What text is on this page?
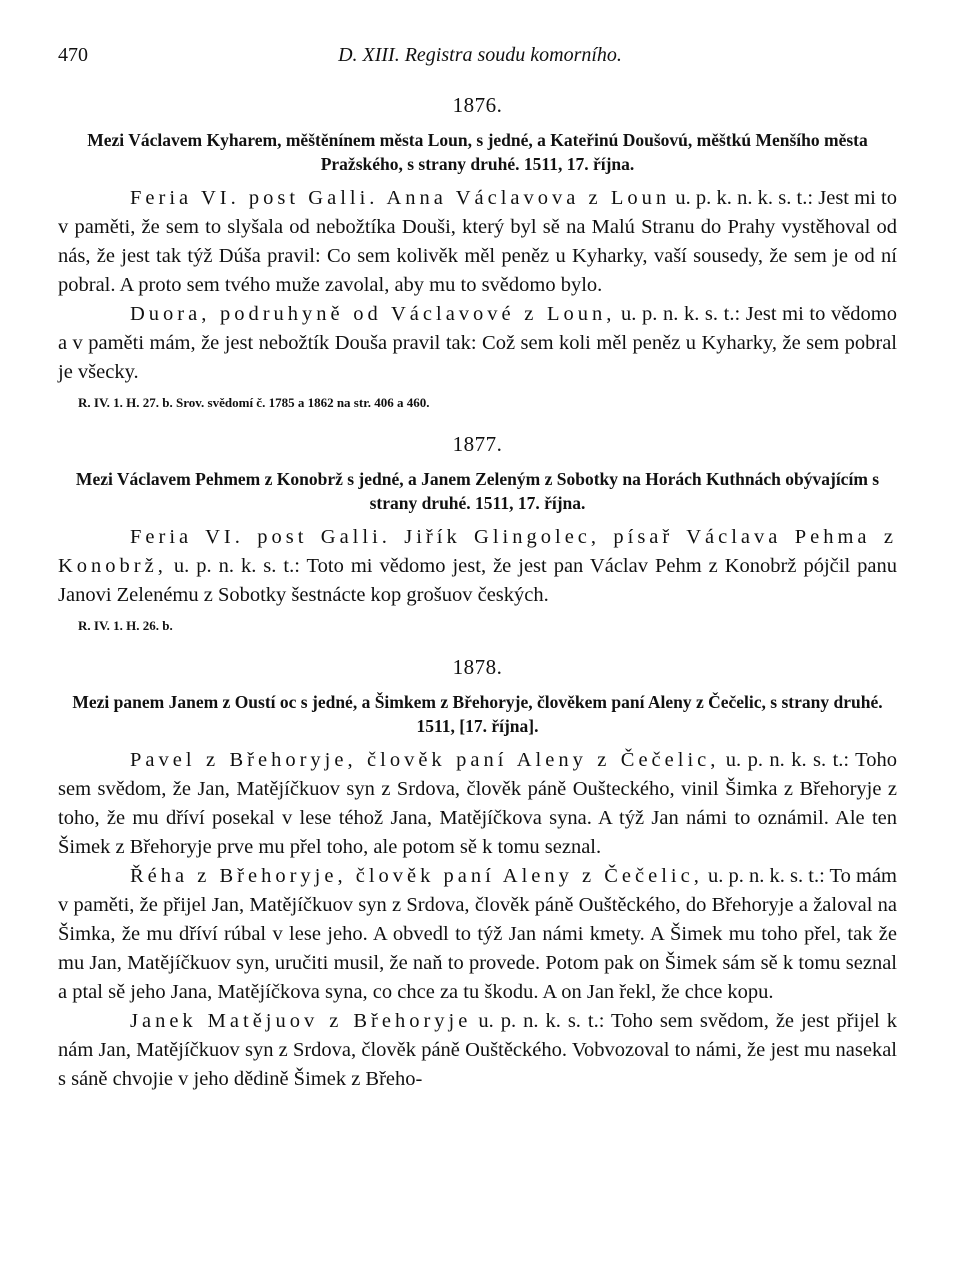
470	D. XIII. Registra soudu komorního.
1876.
Mezi Václavem Kyharem, měštěnínem města Loun, s jedné, a Kateřinú Doušovú, měštkú Menšího města Pražského, s strany druhé. 1511, 17. října.

Feria VI. post Galli. Anna Václavova z Loun u. p. k. n. k. s. t.: Jest mi to v paměti, že sem to slyšala od nebožtíka Douši, který byl sě na Malú Stranu do Prahy vystěhoval od nás, že jest tak týž Dúša pravil: Co sem kolivěk měl peněz u Kyharky, vaší sousedy, že sem je od ní pobral. A proto sem tvého muže zavolal, aby mu to svědomo bylo.

Duora, podruhyně od Václavové z Loun, u. p. n. k. s. t.: Jest mi to vědomo a v paměti mám, že jest nebožtík Douša pravil tak: Což sem koli měl peněz u Kyharky, že sem pobral je všecky.

R. IV. 1. H. 27. b. Srov. svědomí č. 1785 a 1862 na str. 406 a 460.
1877.
Mezi Václavem Pehmem z Konobrž s jedné, a Janem Zeleným z Sobotky na Horách Kuthnách obývajícím s strany druhé. 1511, 17. října.

Feria VI. post Galli. Jiřík Glingolec, písař Václava Pehma z Konobrž, u. p. n. k. s. t.: Toto mi vědomo jest, že jest pan Václav Pehm z Konobrž pójčil panu Janovi Zelenému z Sobotky šestnácte kop grošuov českých.

R. IV. 1. H. 26. b.
1878.
Mezi panem Janem z Oustí oc s jedné, a Šimkem z Břehoryje, člověkem paní Aleny z Čečelic, s strany druhé. 1511, [17. října].

Pavel z Břehoryje, člověk paní Aleny z Čečelic, u. p. n. k. s. t.: Toho sem svědom, že Jan, Matějíčkuov syn z Srdova, člověk páně Oušteckého, vinil Šimka z Břehoryje z toho, že mu dříví posekal v lese téhož Jana, Matějíčkova syna. A týž Jan námi to oznámil. Ale ten Šimek z Břehoryje prve mu přel toho, ale potom sě k tomu seznal.

Řéha z Břehoryje, člověk paní Aleny z Čečelic, u. p. n. k. s. t.: To mám v paměti, že přijel Jan, Matějíčkuov syn z Srdova, člověk páně Ouštěckého, do Břehoryje a žaloval na Šimka, že mu dříví rúbal v lese jeho. A obvedl to týž Jan námi kmety. A Šimek mu toho přel, tak že mu Jan, Matějíčkuov syn, uručiti musil, že naň to provede. Potom pak on Šimek sám sě k tomu seznal a ptal sě jeho Jana, Matějíčkova syna, co chce za tu škodu. A on Jan řekl, že chce kopu.

Janek Matějuov z Břehoryje u. p. n. k. s. t.: Toho sem svědom, že jest přijel k nám Jan, Matějíčkuov syn z Srdova, člověk páně Ouštěckého. Vobvozoval to námi, že jest mu nasekal s sáně chvojie v jeho dědině Šimek z Břeho-
